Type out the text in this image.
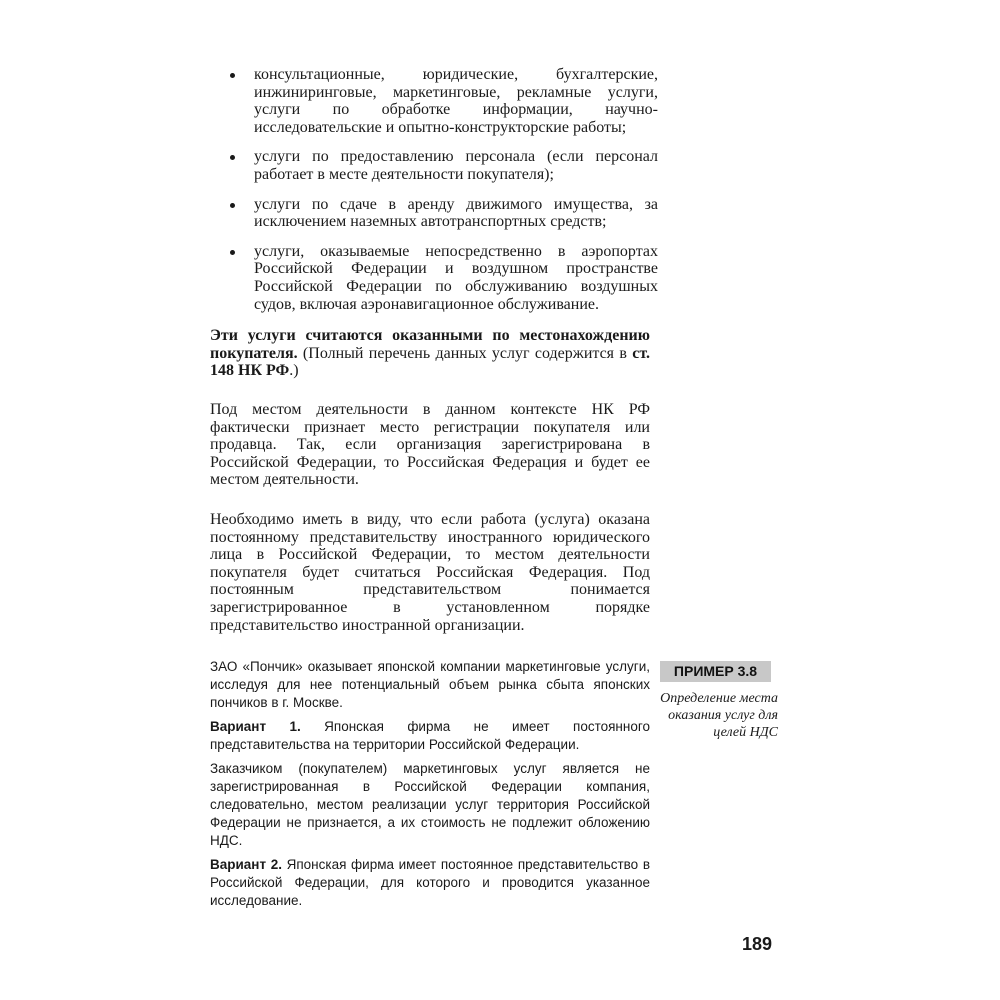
консультационные, юридические, бухгалтерские, инжиниринговые, маркетинговые, рекламные услуги, услуги по обработке информации, научно-исследовательские и опытно-конструкторские работы;
услуги по предоставлению персонала (если персонал работает в месте деятельности покупателя);
услуги по сдаче в аренду движимого имущества, за исключением наземных автотранспортных средств;
услуги, оказываемые непосредственно в аэропортах Российской Федерации и воздушном пространстве Российской Федерации по обслуживанию воздушных судов, включая аэронавигационное обслуживание.

Эти услуги считаются оказанными по местонахождению покупателя. (Полный перечень данных услуг содержится в ст. 148 НК РФ.)

Под местом деятельности в данном контексте НК РФ фактически признает место регистрации покупателя или продавца. Так, если организация зарегистрирована в Российской Федерации, то Российская Федерация и будет ее местом деятельности.

Необходимо иметь в виду, что если работа (услуга) оказана постоянному представительству иностранного юридического лица в Российской Федерации, то местом деятельности покупателя будет считаться Российская Федерация. Под постоянным представительством понимается зарегистрированное в установленном порядке представительство иностранной организации.

ЗАО «Пончик» оказывает японской компании маркетинговые услуги, исследуя для нее потенциальный объем рынка сбыта японских пончиков в г. Москве.

Вариант 1. Японская фирма не имеет постоянного представительства на территории Российской Федерации.

Заказчиком (покупателем) маркетинговых услуг является не зарегистрированная в Российской Федерации компания, следовательно, местом реализации услуг территория Российской Федерации не признается, а их стоимость не подлежит обложению НДС.

Вариант 2. Японская фирма имеет постоянное представительство в Российской Федерации, для которого и проводится указанное исследование.

ПРИМЕР 3.8
Определение места оказания услуг для целей НДС
189
